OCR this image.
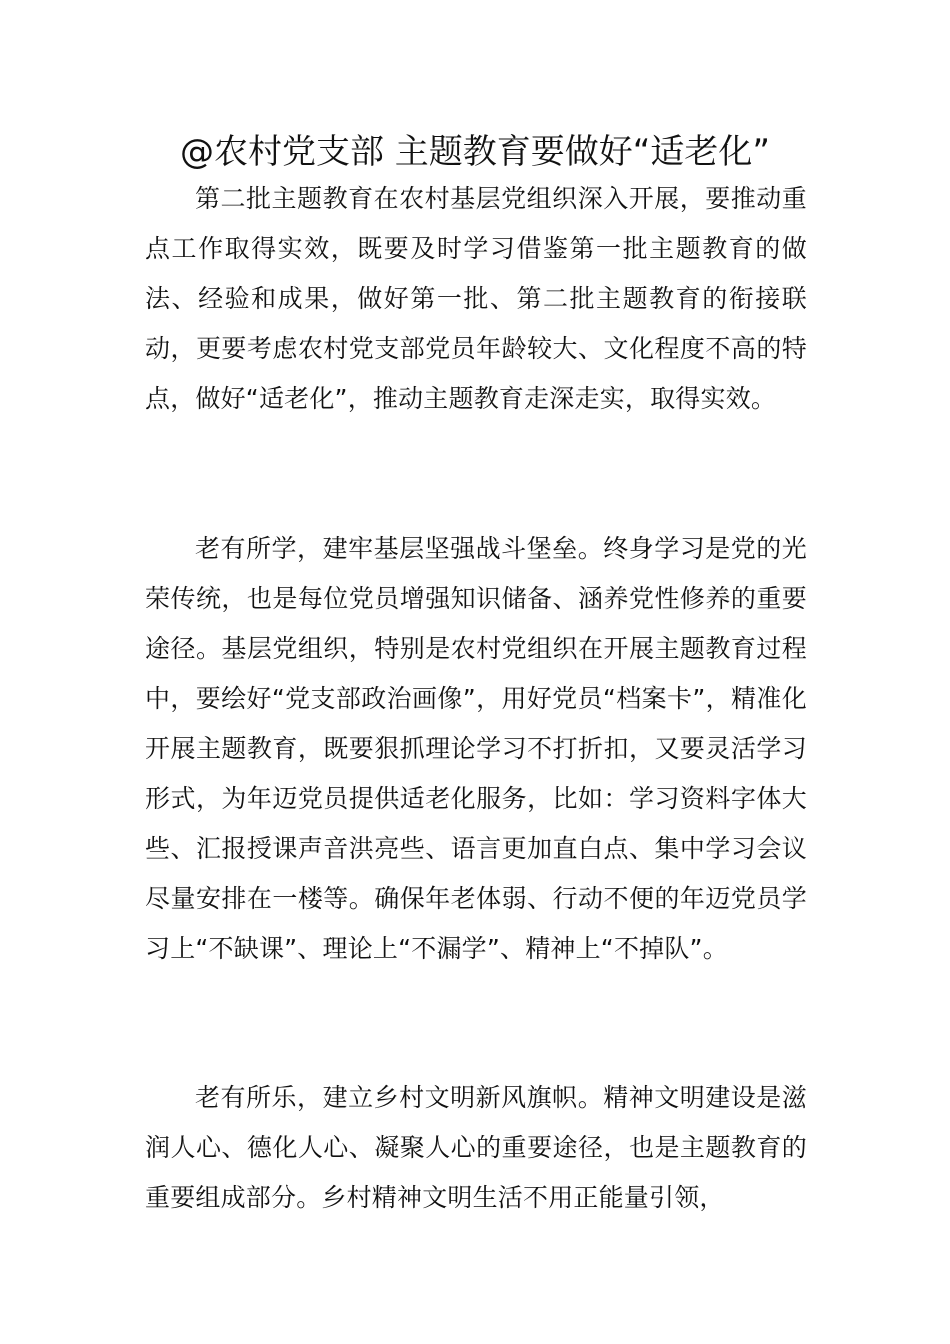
@农村党支部 主题教育要做好“适老化”

第二批主题教育在农村基层党组织深入开展，要推动重点工作取得实效，既要及时学习借鉴第一批主题教育的做法、经验和成果，做好第一批、第二批主题教育的衔接联动，更要考虑农村党支部党员年龄较大、文化程度不高的特点，做好“适老化”，推动主题教育走深走实，取得实效。

老有所学，建牢基层坚强战斗堡垒。终身学习是党的光荣传统，也是每位党员增强知识储备、涵养党性修养的重要途径。基层党组织，特别是农村党组织在开展主题教育过程中，要绘好“党支部政治画像”，用好党员“档案卡”，精准化开展主题教育，既要狠抓理论学习不打折扣，又要灵活学习形式，为年迈党员提供适老化服务，比如：学习资料字体大些、汇报授课声音洪亮些、语言更加直白点、集中学习会议尽量安排在一楼等。确保年老体弱、行动不便的年迈党员学习上“不缺课”、理论上“不漏学”、精神上“不掉队”。

老有所乐，建立乡村文明新风旗帜。精神文明建设是滋润人心、德化人心、凝聚人心的重要途径，也是主题教育的重要组成部分。乡村精神文明生活不用正能量引领，
